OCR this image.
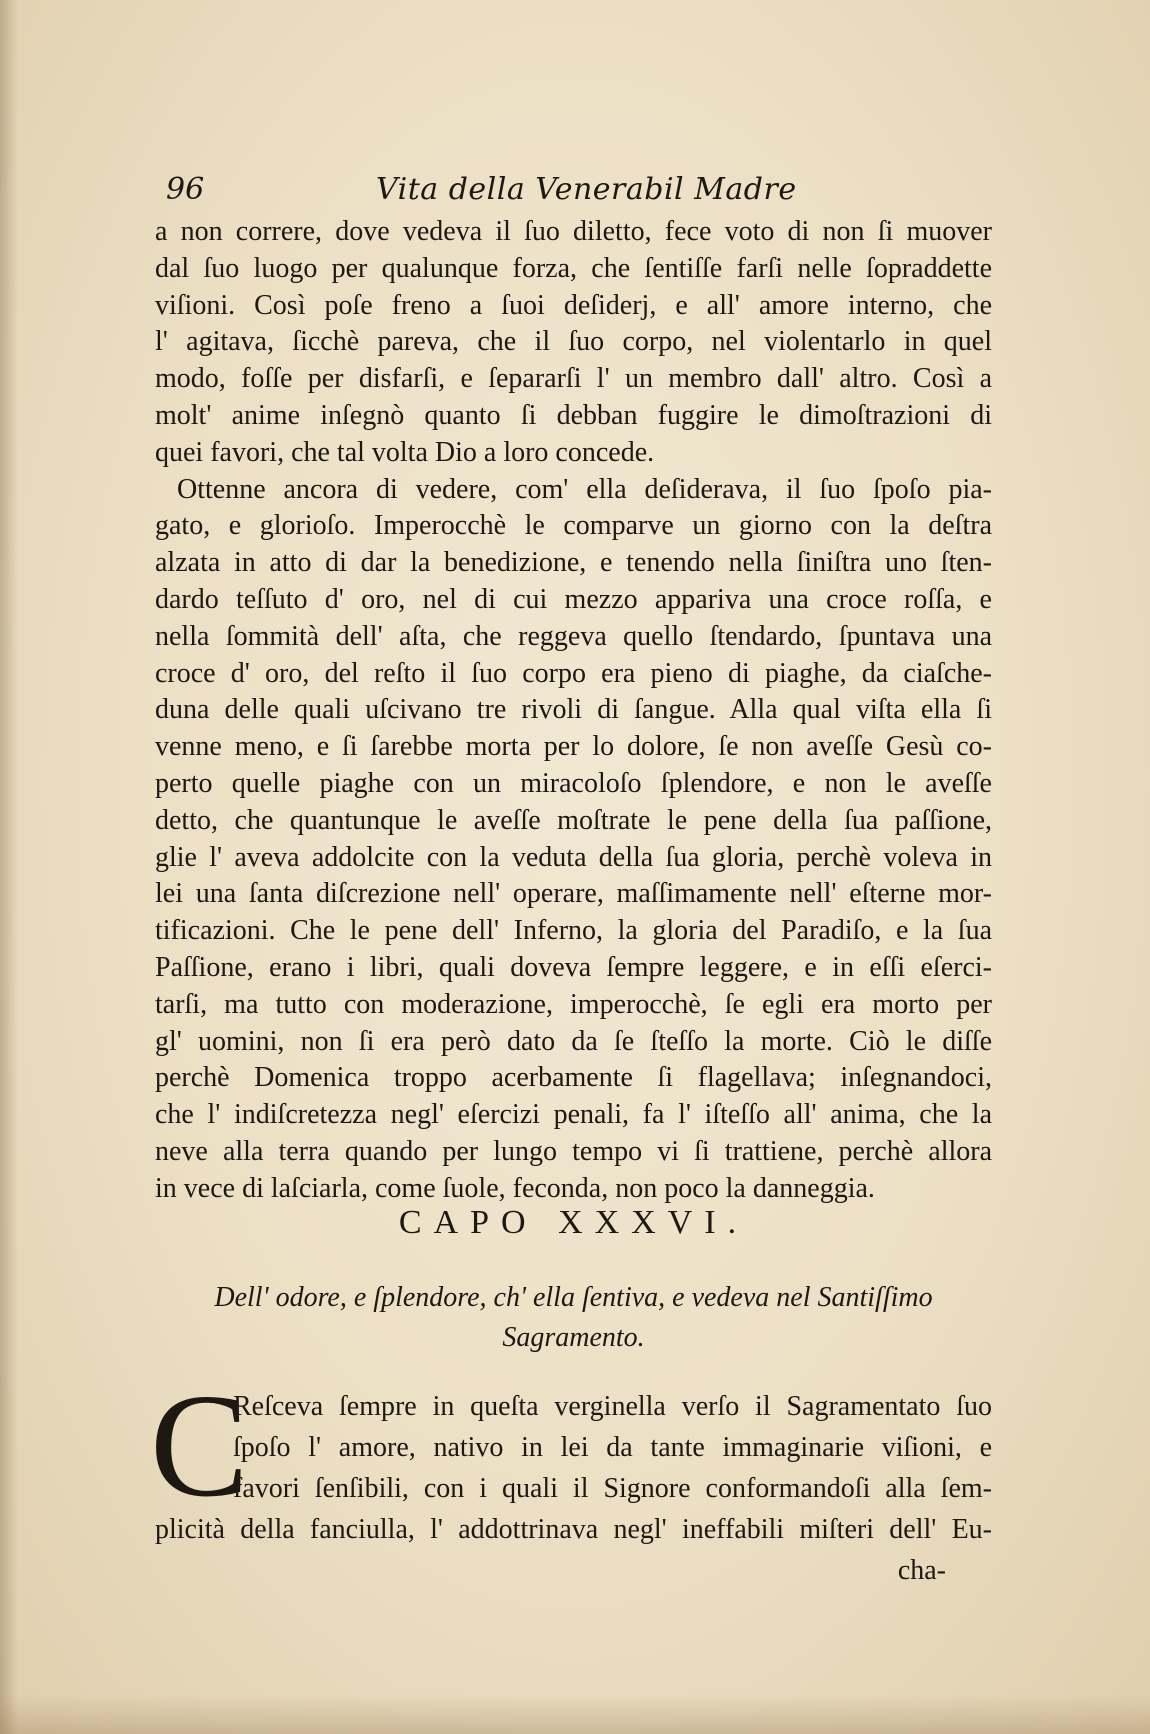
96	Vita della Venerabil Madre
a non correre, dove vedeva il ſuo diletto, fece voto di non ſi muover
dal ſuo luogo per qualunque forza, che ſentiſſe farſi nelle ſopraddette
viſioni. Così poſe freno a ſuoi deſiderj, e all' amore interno, che
l' agitava, ſicchè pareva, che il ſuo corpo, nel violentarlo in quel
modo, foſſe per disfarſi, e ſepararſi l' un membro dall' altro. Così a
molt' anime inſegnò quanto ſi debban fuggire le dimoſtrazioni di
quei favori, che tal volta Dio a loro concede.
Ottenne ancora di vedere, com' ella deſiderava, il ſuo ſpoſo pia-
gato, e glorioſo. Imperocchè le comparve un giorno con la deſtra
alzata in atto di dar la benedizione, e tenendo nella ſiniſtra uno ſten-
dardo teſſuto d' oro, nel di cui mezzo appariva una croce roſſa, e
nella ſommità dell' aſta, che reggeva quello ſtendardo, ſpuntava una
croce d' oro, del reſto il ſuo corpo era pieno di piaghe, da ciaſche-
duna delle quali uſcivano tre rivoli di ſangue. Alla qual viſta ella ſi
venne meno, e ſi ſarebbe morta per lo dolore, ſe non aveſſe Gesù co-
perto quelle piaghe con un miracoloſo ſplendore, e non le aveſſe
detto, che quantunque le aveſſe moſtrate le pene della ſua paſſione,
glie l' aveva addolcite con la veduta della ſua gloria, perchè voleva in
lei una ſanta diſcrezione nell' operare, maſſimamente nell' eſterne mor-
tificazioni. Che le pene dell' Inferno, la gloria del Paradiſo, e la ſua
Paſſione, erano i libri, quali doveva ſempre leggere, e in eſſi eſerci-
tarſi, ma tutto con moderazione, imperocchè, ſe egli era morto per
gl' uomini, non ſi era però dato da ſe ſteſſo la morte. Ciò le diſſe
perchè Domenica troppo acerbamente ſi flagellava; inſegnandoci,
che l' indiſcretezza negl' eſercizi penali, fa l' iſteſſo all' anima, che la
neve alla terra quando per lungo tempo vi ſi trattiene, perchè allora
in vece di laſciarla, come ſuole, feconda, non poco la danneggia.
CAPO XXXVI.
Dell' odore, e ſplendore, ch' ella ſentiva, e vedeva nel Santiſſimo
Sagramento.
C
Reſceva ſempre in queſta verginella verſo il Sagramentato ſuo
ſpoſo l' amore, nativo in lei da tante immaginarie viſioni, e
favori ſenſibili, con i quali il Signore conformandoſi alla ſem-
plicità della fanciulla, l' addottrinava negl' ineffabili miſteri dell' Eu-
cha-
